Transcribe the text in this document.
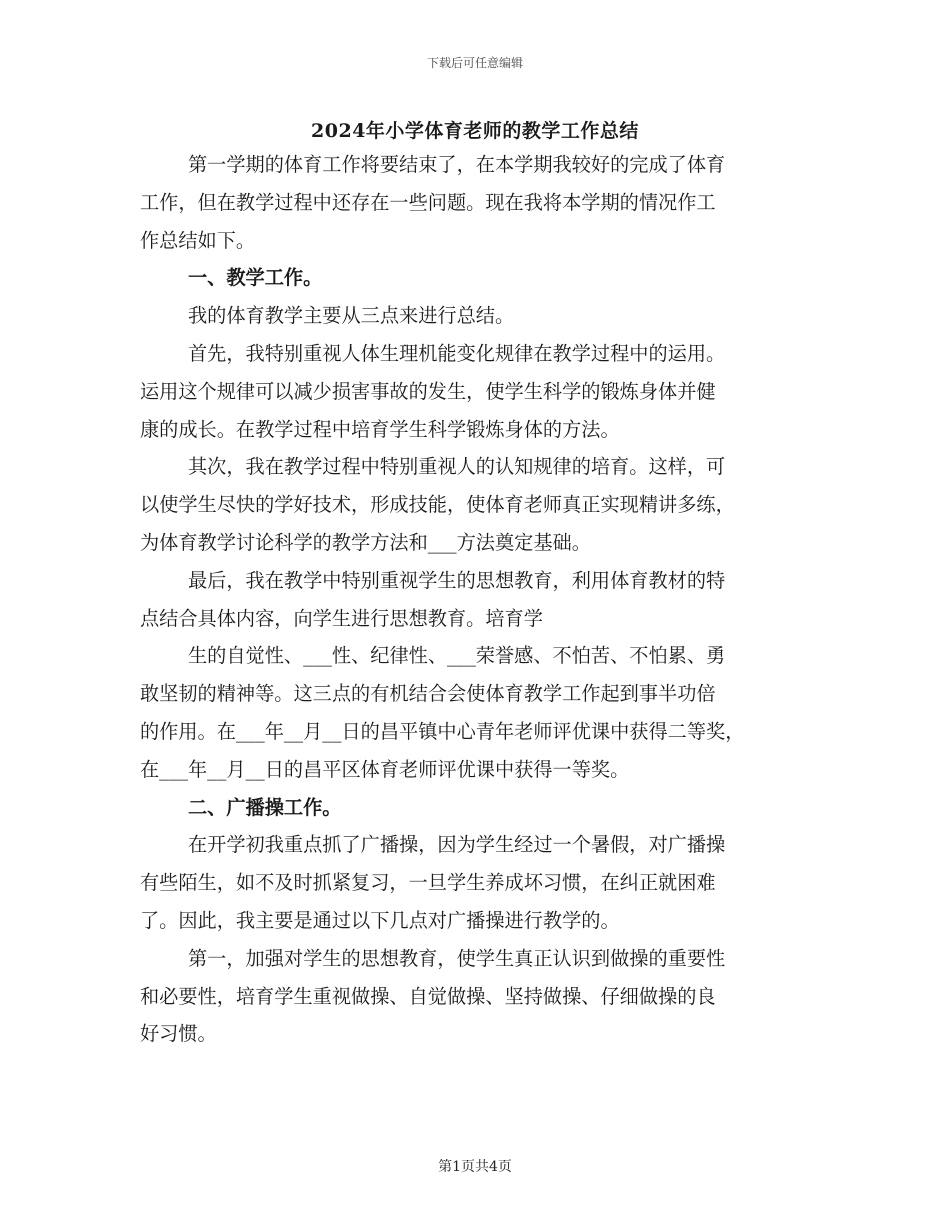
下载后可任意编辑
2024年小学体育老师的教学工作总结
第一学期的体育工作将要结束了，在本学期我较好的完成了体育
工作，但在教学过程中还存在一些问题。现在我将本学期的情况作工
作总结如下。
一、教学工作。
我的体育教学主要从三点来进行总结。
首先，我特别重视人体生理机能变化规律在教学过程中的运用。
运用这个规律可以减少损害事故的发生，使学生科学的锻炼身体并健
康的成长。在教学过程中培育学生科学锻炼身体的方法。
其次，我在教学过程中特别重视人的认知规律的培育。这样，可
以使学生尽快的学好技术，形成技能，使体育老师真正实现精讲多练，
为体育教学讨论科学的教学方法和___方法奠定基础。
最后，我在教学中特别重视学生的思想教育，利用体育教材的特
点结合具体内容，向学生进行思想教育。培育学
生的自觉性、___性、纪律性、___荣誉感、不怕苦、不怕累、勇
敢坚韧的精神等。这三点的有机结合会使体育教学工作起到事半功倍
的作用。在___年__月__日的昌平镇中心青年老师评优课中获得二等奖，
在___年__月__日的昌平区体育老师评优课中获得一等奖。
二、广播操工作。
在开学初我重点抓了广播操，因为学生经过一个暑假，对广播操
有些陌生，如不及时抓紧复习，一旦学生养成坏习惯，在纠正就困难
了。因此，我主要是通过以下几点对广播操进行教学的。
第一，加强对学生的思想教育，使学生真正认识到做操的重要性
和必要性，培育学生重视做操、自觉做操、坚持做操、仔细做操的良
好习惯。
第1页共4页
